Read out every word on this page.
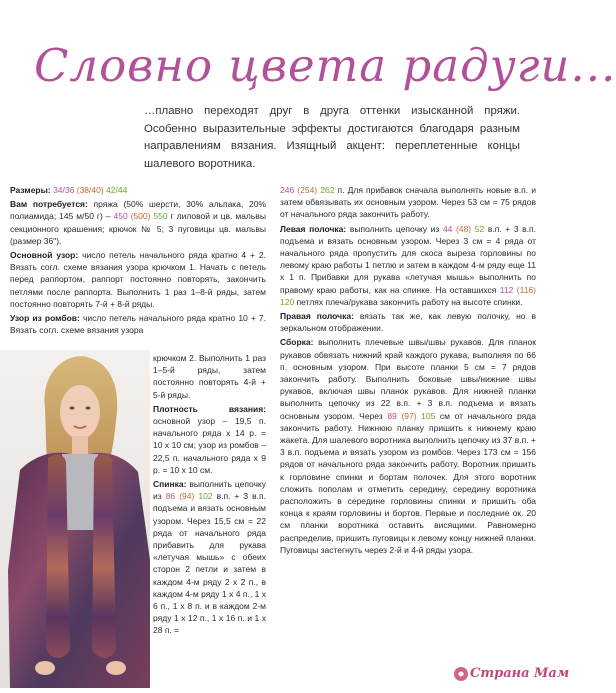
Словно цвета радуги...
…плавно переходят друг в друга оттенки изысканной пряжи. Особенно выразительные эффекты достигаются благодаря разным направлениям вязания. Изящный акцент: переплетенные концы шалевого воротника.

Размеры: 34/36 (38/40) 42/44

Вам потребуется: пряжа (50% шерсти, 30% альпака, 20% полиамида; 145 м/50 г) – 450 (500) 550 г лиловой и цв. мальвы секционного крашения; крючок № 5; 3 пуговицы цв. мальвы (размер 36").

Основной узор: число петель начального ряда кратно 4 + 2. Вязать согл. схеме вязания узора крючком 1. Начать с петель перед раппортом, раппорт постоянно повторять, закончить петлями после раппорта. Выполнить 1 раз 1–8-й ряды, затем постоянно повторять 7-й + 8-й ряды.

Узор из ромбов: число петель начального ряда кратно 10 + 7. Вязать согл. схеме вязания узора

крючком 2. Выполнить 1 раз 1–5-й ряды, затем постоянно повторять 4-й + 5-й ряды.

Плотность вязания: основной узор – 19,5 п. начального ряда x 14 р. = 10 x 10 см; узор из ромбов – 22,5 п. начального ряда x 9 р. = 10 x 10 см.

Спинка: выполнить цепочку из 86 (94) 102 в.п. + 3 в.п. подъема и вязать основным узором. Через 15,5 см = 22 ряда от начального ряда прибавить для рукава «летучая мышь» с обеих сторон 2 петли и затем в каждом 4-м ряду 2 x 2 п., в каждом 4-м ряду 1 x 4 п., 1 x 6 п., 1 x 8 п. и в каждом 2-м ряду 1 x 12 п., 1 x 16 п. и 1 x 28 п. =

246 (254) 262 п. Для прибавок сначала выполнять новые в.п. и затем обвязывать их основным узором. Через 53 см = 75 рядов от начального ряда закончить работу.

Левая полочка: выполнить цепочку из 44 (48) 52 в.п. + 3 в.п. подъема и вязать основным узором. Через 3 см = 4 ряда от начального ряда пропустить для скоса выреза горловины по левому краю работы 1 петлю и затем в каждом 4-м ряду еще 11 x 1 п. Прибавки для рукава «летучая мышь» выполнить по правому краю работы, как на спинке. На оставшихся 112 (116) 120 петлях плеча/рукава закончить работу на высоте спинки.

Правая полочка: вязать так же, как левую полочку, но в зеркальном отображении.

Сборка: выполнить плечевые швы/швы рукавов. Для планок рукавов обвязать нижний край каждого рукава, выполняя по 66 п. основным узором. При высоте планки 5 см = 7 рядов закончить работу. Выполнить боковые швы/нижние швы рукавов, включая швы планок рукавов. Для нижней планки выполнить цепочку из 22 в.п. + 3 в.п. подъема и вязать основным узором. Через 89 (97) 105 см от начального ряда закончить работу. Нижнюю планку пришить к нижнему краю жакета. Для шалевого воротника выполнить цепочку из 37 в.п. + 3 в.п. подъема и вязать узором из ромбов. Через 173 см = 156 рядов от начального ряда закончить работу. Воротник пришить к горловине спинки и бортам полочек. Для этого воротник сложить пополам и отметить середину, середину воротника расположить в середине горловины спинки и пришить оба конца к краям горловины и бортов. Первые и последние ок. 20 см планки воротника оставить висящими. Равномерно распределив, пришить пуговицы к левому концу нижней планки. Пуговицы застегнуть через 2-й и 4-й ряды узора.

26	Страна Мам
